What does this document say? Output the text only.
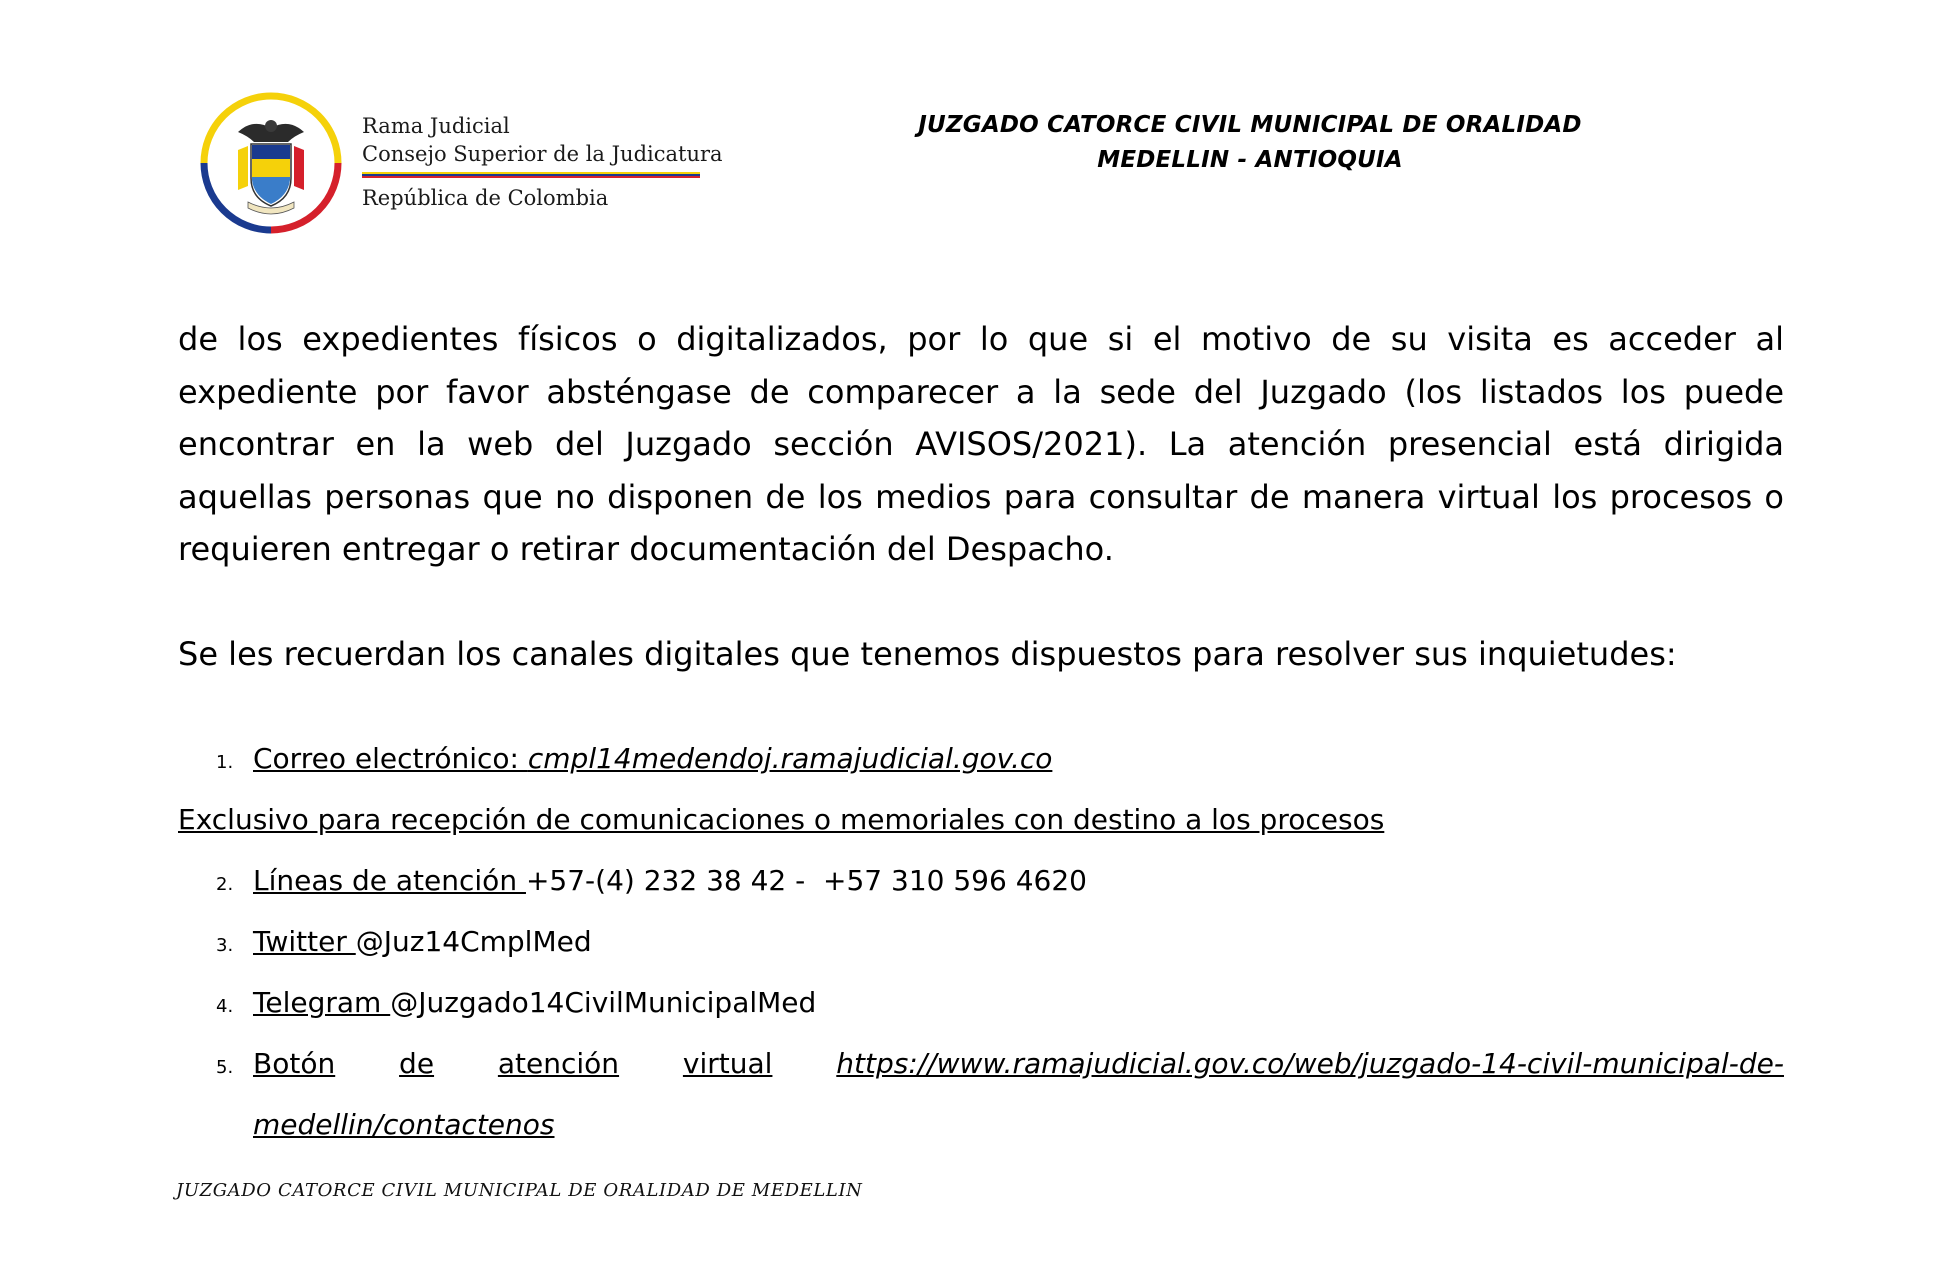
Rama Judicial
Consejo Superior de la Judicatura
República de Colombia
JUZGADO CATORCE CIVIL MUNICIPAL DE ORALIDAD
MEDELLIN - ANTIOQUIA

de los expedientes físicos o digitalizados, por lo que si el motivo de su visita es acceder al expediente por favor absténgase de comparecer a la sede del Juzgado (los listados los puede encontrar en la web del Juzgado sección AVISOS/2021). La atención presencial está dirigida aquellas personas que no disponen de los medios para consultar de manera virtual los procesos o requieren entregar o retirar documentación del Despacho.

Se les recuerdan los canales digitales que tenemos dispuestos para resolver sus inquietudes:

1. Correo electrónico: cmpl14medendoj.ramajudicial.gov.co
Exclusivo para recepción de comunicaciones o memoriales con destino a los procesos
2. Líneas de atención +57-(4) 232 38 42 -  +57 310 596 4620
3. Twitter @Juz14CmplMed
4. Telegram @Juzgado14CivilMunicipalMed
5. Botón de atención virtual https://www.ramajudicial.gov.co/web/juzgado-14-civil-municipal-de-
medellin/contactenos
JUZGADO CATORCE CIVIL MUNICIPAL DE ORALIDAD DE MEDELLIN
